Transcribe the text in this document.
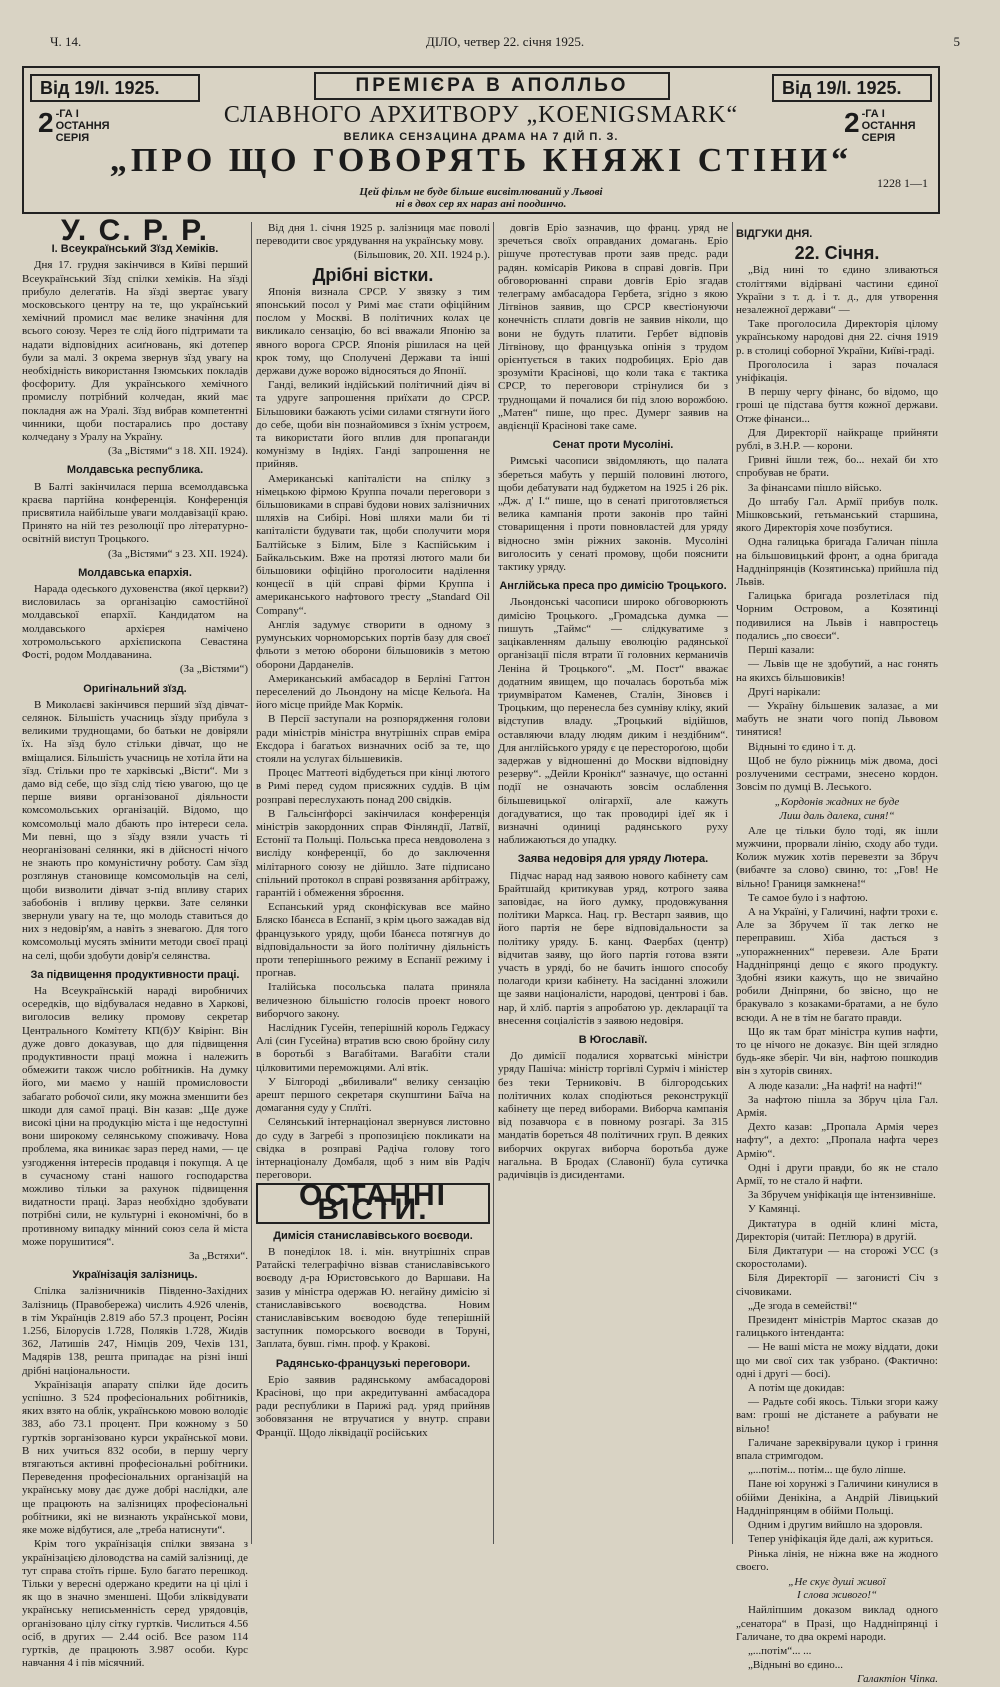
Ч. 14.	ДІЛО, четвер 22. січня 1925.	5
Від 19/I. 1925.	ПРЕМІЄРА В АПОЛЛЬО	Від 19/I. 1925.
2 -ГА І ОСТАННЯ СЕРІЯ	2 -ГА І ОСТАННЯ СЕРІЯ
СЛАВНОГО АРХИТВОРУ „KOENIGSMARK“
ВЕЛИКА СЕНЗАЦИНА ДРАМА НА 7 ДІЙ П. З.
„ПРО ЩО ГОВОРЯТЬ КНЯЖІ СТІНИ“
Цей фільм не буде більше висвітлюваний у Львові
ні в двох сер ях нараз ані поодинчо.
1228 1—1
У. С. Р. Р.
І. Всеукраїнський Зїзд Хеміків.

Дня 17. грудня закінчився в Київі перший Всеукраїнський Зїзд спілки хеміків. На зїзді прибуло делегатів. На зїзді звертає увагу московського центру на те, що український хемічний промисл має велике значіння для всього союзу. Через те слід його підтримати та надати відповідних асиґновань, які дотепер були за малі. З окрема звернув зїзд увагу на необхідність використання Ізюмських покладів фосфориту. Для українського хемічного промислу потрібний колчедан, який має покладня аж на Уралі. Зїзд вибрав компетентні чинники, щоби постарались про доставу колчедану з Уралу на Україну.

(За „Вістями“ з 18. XII. 1924).

Молдавська республика.

В Балті закінчилася перша всемолдавська краєва партійна конференція. Конференція присвятила найбільше уваги молдавізації краю. Принято на ній тез резолюції про літературно-освітній виступ Троцького.

(За „Вістями“ з 23. XII. 1924).

Молдавська епархія.

Нарада одеського духовенства (якої церкви?) висловилась за організацію самостійної молдавської епархії. Кандидатом на молдавського архієрея наміченo хотромольського архієпископа Севастяна Фості, родом Молдаванина.

(За „Вістями“)

Оригінальний зїзд.

В Миколаєві закінчився перший зїзд дівчат-селянок. Більшість учасниць зїзду прибула з великими труднощами, бо батьки не довіряли їх. На зїзд було стільки дівчат, що не вміщалися. Більшість учасниць не хотіла йти на зїзд. Стільки про те харківські „Вісти“. Ми з дамо від себе, що зїзд слід тією увагою, що це перше вияви організованої діяльности комсомольських організацій. Відомо, що комсомольці мало дбають про інтереси села. Ми певні, що з зїзду взяли участь ті неорганізовані селянки, які в дійсності нічого не знають про комуністичну роботу. Сам зїзд розглянув становище комсомольців на селі, щоби визволити дівчат з-під впливу старих забобонів і впливу церкви. Зате селянки звернули увагу на те, що молодь ставиться до них з недовір'ям, а навіть з зневагою. Для того комсомольці мусять змінити методи своєї праці на селі, щоби здобути довір'я селянства.

За підвищення продуктивности праці.

На Всеукраїнській нараді виробничих осередків, що відбувалася недавно в Харкові, виголосив велику промову секретар Центрального Комітету КП(б)У Квірінг. Він дуже довго доказував, що для підвищення продуктивности праці можна і належить обмежити також число робітників. На думку його, ми маємо у нашій промисловости забагато робочої сили, яку можна зменшити без шкоди для самої праці. Він казав: „Ще дуже високі ціни на продукцію міста і ще недоступні вони широкому селянському споживачу. Нова проблема, яка виникає зараз перед нами, — це узгодження інтересів продавця і покупця. А це в сучасному стані нашого господарства можливо тільки за рахунок підвищення видатности праці. Зараз необхідно здобувати потрібні сили, не культурні і економічні, бо в противному випадку мінний союз села й міста може порушитися“.

За „Встяхи“.

Українізація залізниць.

Спілка залізничників Південно-Західних Залізниць (Правобережа) числить 4.926 членів, в тім Українців 2.819 або 57.3 процент, Росіян 1.256, Білорусів 1.728, Поляків 1.728, Жидів 362, Латишів 247, Німців 209, Чехів 131, Мадярів 138, решта припадає на різні інші дрібні національности.

Українізація апарату спілки йде досить успішно. З 524 професіональних робітників, яких взято на облік, українською мовою володіє 383, або 73.1 процент. При кожному з 50 гуртків зорганізовано курси української мови. В них учиться 832 особи, в першу чергу втягаються активні професіональні робітники. Переведення професіональних організацій на українську мову дає дуже добрі наслідки, але ще працюють на залізницях професіональні робітники, які не визнають української мови, яке може відбутися, але „треба натиснути“.

Крім того українізація спілки звязана з українізацією діловодства на самій залізниці, де тут справа стоїть гірше. Було багато перешкод. Тільки у вересні одержано кредити на ці цілі і як що в значно зменшені. Щоби зліквідувати українську неписьменність серед урядовців, організовано цілу сітку гуртків. Числиться 4.56 осіб, в других — 2.44 осіб. Все разом 114 гуртків, де працюють 3.987 особи. Курс навчання 4 і пів місячний.

Від дня 1. січня 1925 р. залізниця має поволі переводити своє урядування на українську мову.

(Більшовик, 20. XII. 1924 р.).

Дрібні вістки.

Японія визнала СРСР. У звязку з тим японський посол у Римі має стати офіційним послом у Москві. В політичних колах це викликало сензацію, бо всі вважали Японію за явного ворога СРСР. Японія рішилася на цей крок тому, що Сполучені Держави та інші держави дуже ворожо відносяться до Японії.

Ганді, великий індійський політичний діяч ві та удруге запрошення приїхати до СРСР. Більшовики бажають усіми силами стягнути його до себе, щоби він познайомився з їхнім устроєм, та використати його вплив для пропаганди комунізму в Індіях. Ганді запрошення не прийняв.

Американські капіталісти на спілку з німецькою фірмою Круппа почали переговори з більшовиками в справі будови нових залізничних шляхів на Сибірі. Нові шляхи мали би ті капіталісти будувати так, щоби сполучити моря Балтійське з Білим, Біле з Каспійським і Байкальським. Вже на протязі лютого мали би більшовики офіційно проголосити наділення концесії в цій справі фірми Круппа і американського нафтового тресту „Standard Oil Company“.

Англія задумує створити в одному з румунських чорноморських портів базу для своєї фльоти з метою оборони більшовиків з метою оборони Дарданелів.

Американський амбасадор в Берліні Гаттон переселений до Льондону на місце Кельоґа. На його місце прийде Мак Кормік.

В Персії заступали на розпорядження голови ради міністрів міністра внутрішніх справ еміра Ексдора і багатьох визначних осіб за те, що стояли на услугах більшевиків.

Процес Маттеоті відбудеться при кінці лютого в Римі перед судом присяжних суддів. В цім розправі переслухають понад 200 свідків.

В Гальсінґфорсі закінчилася конференція міністрів закордонних справ Фінляндії, Латвії, Естонії та Польщі. Польська преса невдоволена з висліду конференції, бо до заключення мілітарного союзу не дійшло. Зате підписано спільний протокол в справі розвязання арбітражу, гарантій і обмеження зброєння.

Еспанський уряд сконфіскував все майно Бляско Ібанєса в Еспанії, з крім цього зажадав від французького уряду, щоби Ібанєса потягнув до відповідальности за його політичну діяльність проти теперішнього режиму в Еспанії режиму і прогнав.

Італійська посольська палата приняла величезною більшістю голосів проект нового виборчого закону.

Наслідник Гусейн, теперішній король Геджасу Алі (син Гусейна) втратив всю свою бройну силу в боротьбі з Вагабітами. Вагабіти стали цілковитими переможцями. Алі втік.

У Білгороді „вбиливали“ велику сензацію арешт першого секретаря скупштини Баїча на домагання суду у Сплїті.

Селянський інтернаціонал звернувся листовно до суду в Загребі з пропозицією покликати на свідка в розправі Радіча голову того інтернаціоналу Домбаля, щоб з ним вів Радіч переговори.

ОСТАННІ ВІСТИ.
Димісія станиславівського воєводи.

В понеділок 18. і. мін. внутрішніх справ Ратайскі телеграфічно візвав станиславівського воєводу д-ра Юристовського до Варшави. На зазив у міністра одержав Ю. негайну димісію зі станиславівського воєводства. Новим станиславівським воєводою буде теперішній заступник поморського воєводи в Торуні, Заплата, бувш. гімн. проф. у Кракові.

Радянсько-французькі переговори.

Еріо заявив радянському амбасадорові Красінові, що при акредитуванні амбасадора ради республики в Парижі рад. уряд прийняв зобовязання не втручатися у внутр. справи Франції. Щодо ліквідації російських

довгів Еріо зазначив, що франц. уряд не зречеться своїх оправданих домагань. Еріо рішуче протестував проти заяв предс. ради радян. комісарів Рикова в справі довгів. При обговорюванні справи довгів Еріо згадав телеграму амбасадора Гербета, згідно з якою Літвінов заявив, що СРСР квестіонуючи конечність сплати довгів не заявив ніколи, що вони не будуть платити. Гербет відповів Літвінову, що французька опінія з трудом орієнтується в таких подробицях. Еріо дав зрозуміти Красінові, що коли така є тактика СРСР, то переговори стрінулися би з труднощами й почалися би під злою ворожбою. „Матен“ пише, що прес. Думерг заявив на авдієнції Красінові таке саме.

Сенат проти Мусоліні.

Римські часописи звідомляють, що палата збереться мабуть у першій половині лютого, щоби дебатувати над буджетом на 1925 і 26 рік. „Дж. д' І.“ пише, що в сенаті приготовляється велика кампанія проти законів про тайні стоварищення і проти повновластей для уряду відносно змін ріжних законів. Мусоліні виголосить у сенаті промову, щоби пояснити тактику уряду.

Англійська преса про димісію Троцького.

Льондонські часописи широко обговорюють димісію Троцького. „Громадська думка — пишуть „Таймс“ — слідкуватиме з зацікавленням дальшу еволюцію радянської організації після втрати її головних керманичів Леніна й Троцького“. „М. Пост“ вважає додатним явищем, що почалась боротьба між триумвіратом Каменев, Сталін, Зіновєв і Троцьким, що перенесла без сумніву кліку, який відступив владу. „Троцький відійшов, оставляючи владу людям диким і нездібним“. Для англійського уряду є це перестороґою, щоби задержав у відношенні до Москви відповідну резерву“. „Дейли Кронікл“ зазначує, що останні події не означають зовсім ослаблення більшевицької олігархії, але кажуть догадуватися, що так проводирі ідеї як і визначні одиниці радянського руху наближаються до упадку.

Заява недовіря для уряду Лютера.

Підчас нарад над заявою нового кабінету сам Брайтшайд критикував уряд, котрого заява заповідає, на його думку, продовжування політики Маркса. Нац. гр. Вестарп заявив, що його партія не бере відповідальности за політику уряду. Б. канц. Фаербах (центр) відчитав заяву, що його партія готова взяти участь в уряді, бо не бачить іншого способу полагоди кризи кабінету. На засіданні зложили ще заяви націоналісти, народові, центрові і бав. нар, й хліб. партія з апробатою ур. декларації та внесення соціалістів з заявою недовіря.

В Югославії.

До димісії подалися хорватські міністри уряду Пашіча: міністр торгівлі Сурміч і міністер без теки Терниковіч. В білгородських політичних колах сподіються реконструкції кабінету ще перед виборами. Виборча кампанія від позавчора є в повному розгарі. За 315 мандатів бореться 48 політичних груп. В деяких виборчих округах виборча боротьба дуже нагальна. В Бродах (Славонії) була сутичка радичівців із дисидентами.

ВІДГУКИ ДНЯ.
22. Січня.

„Від нині то єдино зливаються століттями відірвані частини єдиної України з т. д. і т. д., для утворення незалежної держави“ —

Таке проголосила Директорія цілому українському народові дня 22. січня 1919 р. в столиці соборної України, Київі-граді.

Проголосила і зараз почалася уніфікація.

В першу чергу фінанс, бо відомо, що гроші це підстава буття кожної держави. Отже фінанси...

Для Директорії найкраще прийняти рублі, в З.Н.Р. — корони.

Гривні йшли теж, бо... нехай би хто спробував не брати.

За фінансами пішло військо.

До штабу Гал. Армії прибув полк. Мішковський, гетьманський старшина, якого Директорія хоче позбутися.

Одна галицька бригада Галичан пішла на більшовицький фронт, а одна бригада Наддніпрянців (Козятинська) прийшла під Львів.

Галицька бригада розлетілася під Чорним Островом, а Козятинці подивилися на Львів і навпростець подались „по своєси“.

Перші казали:

— Львів ще не здобутий, а нас гонять на якихсь більшовиків!

Другі нарікали:

— Україну більшевик залазає, а ми мабуть не знати чого попід Львовом тинятися!

Відныні то єдино і т. д.

Щоб не було ріжниць між двома, досі розлученими сестрами, знесено кордон. Зовсім по думці В. Леського.

„Кордонів жадних не буде
Лиш даль далека, синя!“

Але це тільки було тоді, як ішли мужчини, прорвали лінію, сходу або туди. Колиж мужик хотів перевезти за Збруч (вибачте за слово) свиню, то: „Гов! Не вільно! Границя замкнена!“

Те самое було і з нафтою.

А на Україні, у Галичині, нафти трохи є. Але за Збручем її так легко не переправиш. Хіба дасться з „упоражненних“ перевези. Але Брати Наддніпрянці дещо є якого продукту. Здобні язики кажуть, що не звичайно робили Дніпряни, бо звісно, що не бракувало з козаками-братами, а не було всюди. А не в тім не багато правди.

Що як там брат міністра купив нафти, то це нічого не доказує. Він щей зглядно будь-яке зберіг. Чи він, нафтою пошкодив він з хуторів свинях.

А люде казали: „На нафті! на нафті!“

За нафтою пішла за Збруч ціла Гал. Армія.

Дехто казав: „Пропала Армія через нафту“, а дехто: „Пропала нафта через Армію“.

Одні і други правди, бо як не стало Армії, то не стало й нафти.

За Збручем уніфікація ще інтензивніше.

У Камянці.

Диктатура в одній клині міста, Директорія (читай: Петлюра) в другій.

Біля Диктатури — на сторожі УСС (з скоростолами).

Біля Директорії — загонисті Січ з січовиками.

„Де згода в семействі!“

Президент міністрів Мартос сказав до галицького інтенданта:

— Не ваші міста не можу віддати, доки що ми свої сих так узбрано. (Фактично: одні і другі — босі).

А потім ще докидав:

— Радьте собі якось. Тільки згори кажу вам: гроші не дістанете а рабувати не вільно!

Галичане зареквірували цукор і гриння впала стримгодом.

„...потім... потім... ще було ліпше.

Пане юі хорунжі з Галичини кинулися в обійми Денікіна, а Андрій Лівицький Наддніпрянцям в обійми Польщі.

Одним і другим вийшло на здоровля.

Тепер уніфікація йде далі, аж куриться.

Рінька лінія, не ніжна вже на жодного своєго.

„Не скує душі живої
І слова живого!“

Найліпшим доказом виклад одного „сенатора“ в Празі, що Наддніпрянці і Галичане, то два окремі народи.

„...потім“... ...

„Відныні во єдино...

Галактіон Чіпка.
